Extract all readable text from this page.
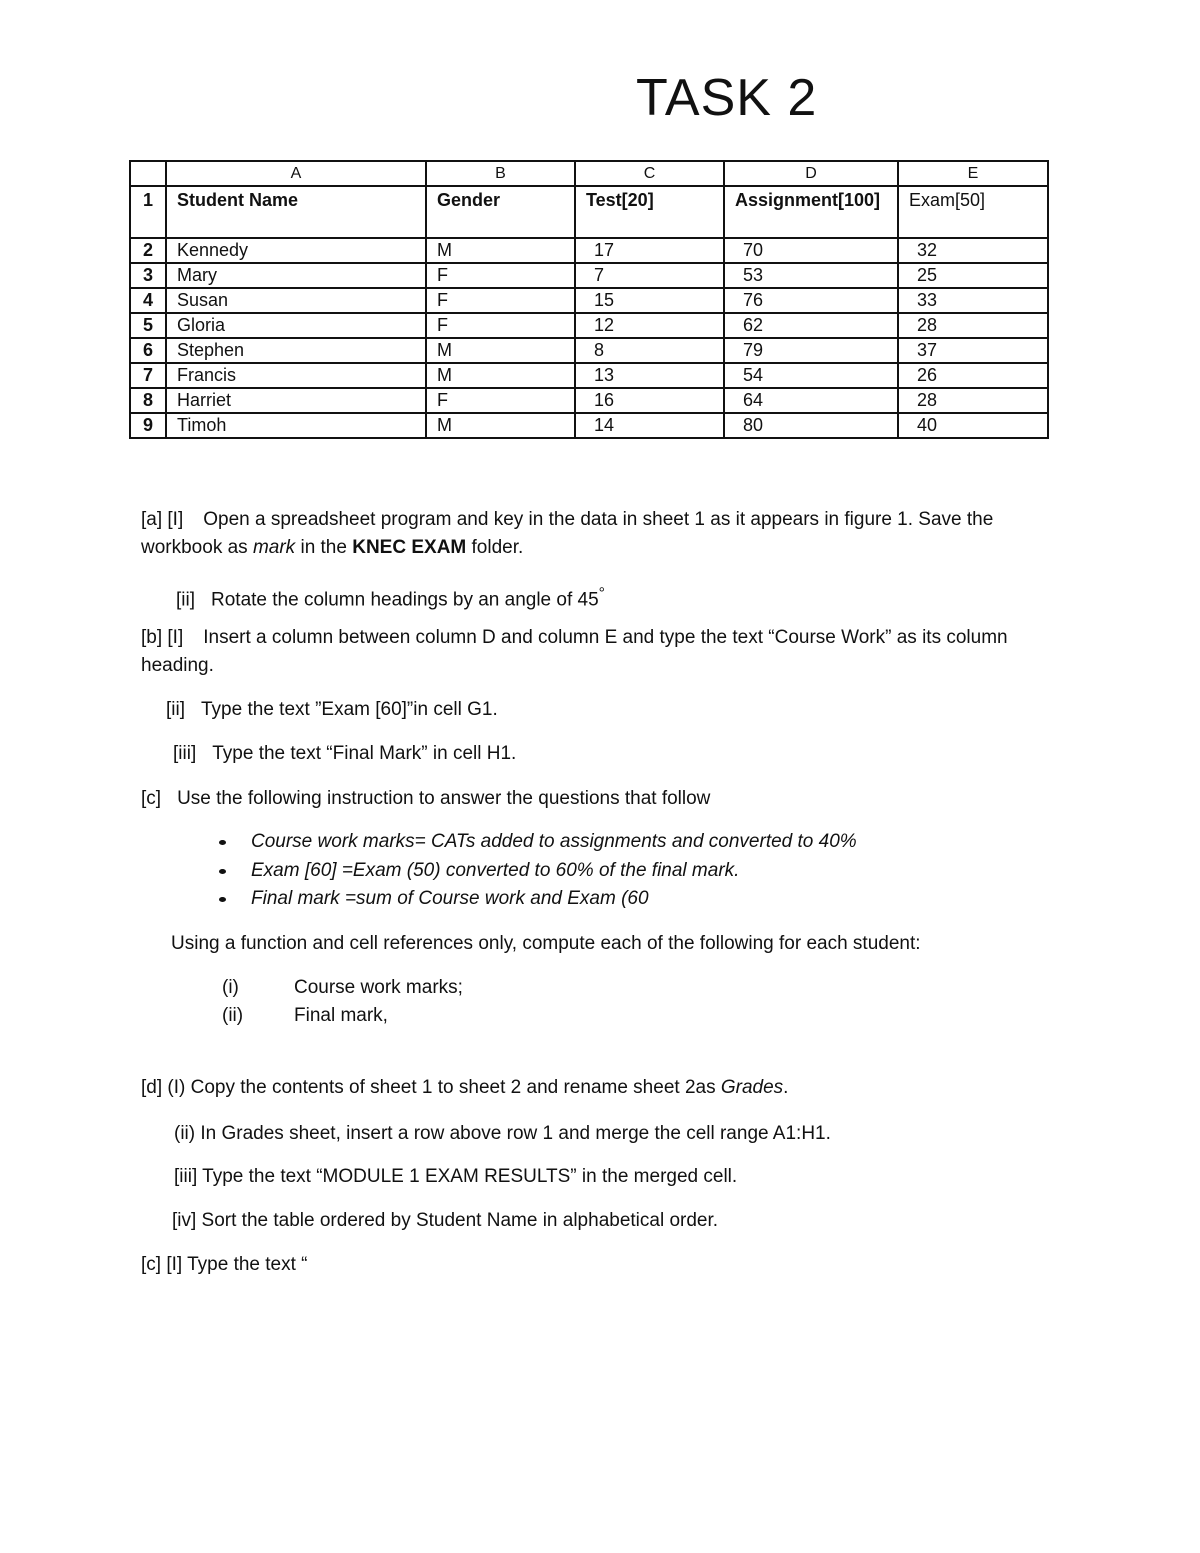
TASK 2
	A	B	C	D	E
1	Student Name	Gender	Test[20]	Assignment[100]	Exam[50]
2	Kennedy	M	17	70	32
3	Mary	F	7	53	25
4	Susan	F	15	76	33
5	Gloria	F	12	62	28
6	Stephen	M	8	79	37
7	Francis	M	13	54	26
8	Harriet	F	16	64	28
9	Timoh	M	14	80	40

[a] [I] Open a spreadsheet program and key in the data in sheet 1 as it appears in figure 1. Save the workbook as mark in the KNEC EXAM folder.

[ii] Rotate the column headings by an angle of 45°

[b] [I] Insert a column between column D and column E and type the text “Course Work” as its column heading.

[ii] Type the text ”Exam [60]”in cell G1.

[iii] Type the text “Final Mark” in cell H1.

[c] Use the following instruction to answer the questions that follow

Course work marks= CATs added to assignments and converted to 40%
Exam [60] =Exam (50) converted to 60% of the final mark.
Final mark =sum of Course work and Exam (60

Using a function and cell references only, compute each of the following for each student:

(i)	Course work marks;

(ii)	Final mark,

[d] (I) Copy the contents of sheet 1 to sheet 2 and rename sheet 2as Grades.

(ii) In Grades sheet, insert a row above row 1 and merge the cell range A1:H1.

[iii] Type the text “MODULE 1 EXAM RESULTS” in the merged cell.

[iv] Sort the table ordered by Student Name in alphabetical order.

[c] [I] Type the text “
